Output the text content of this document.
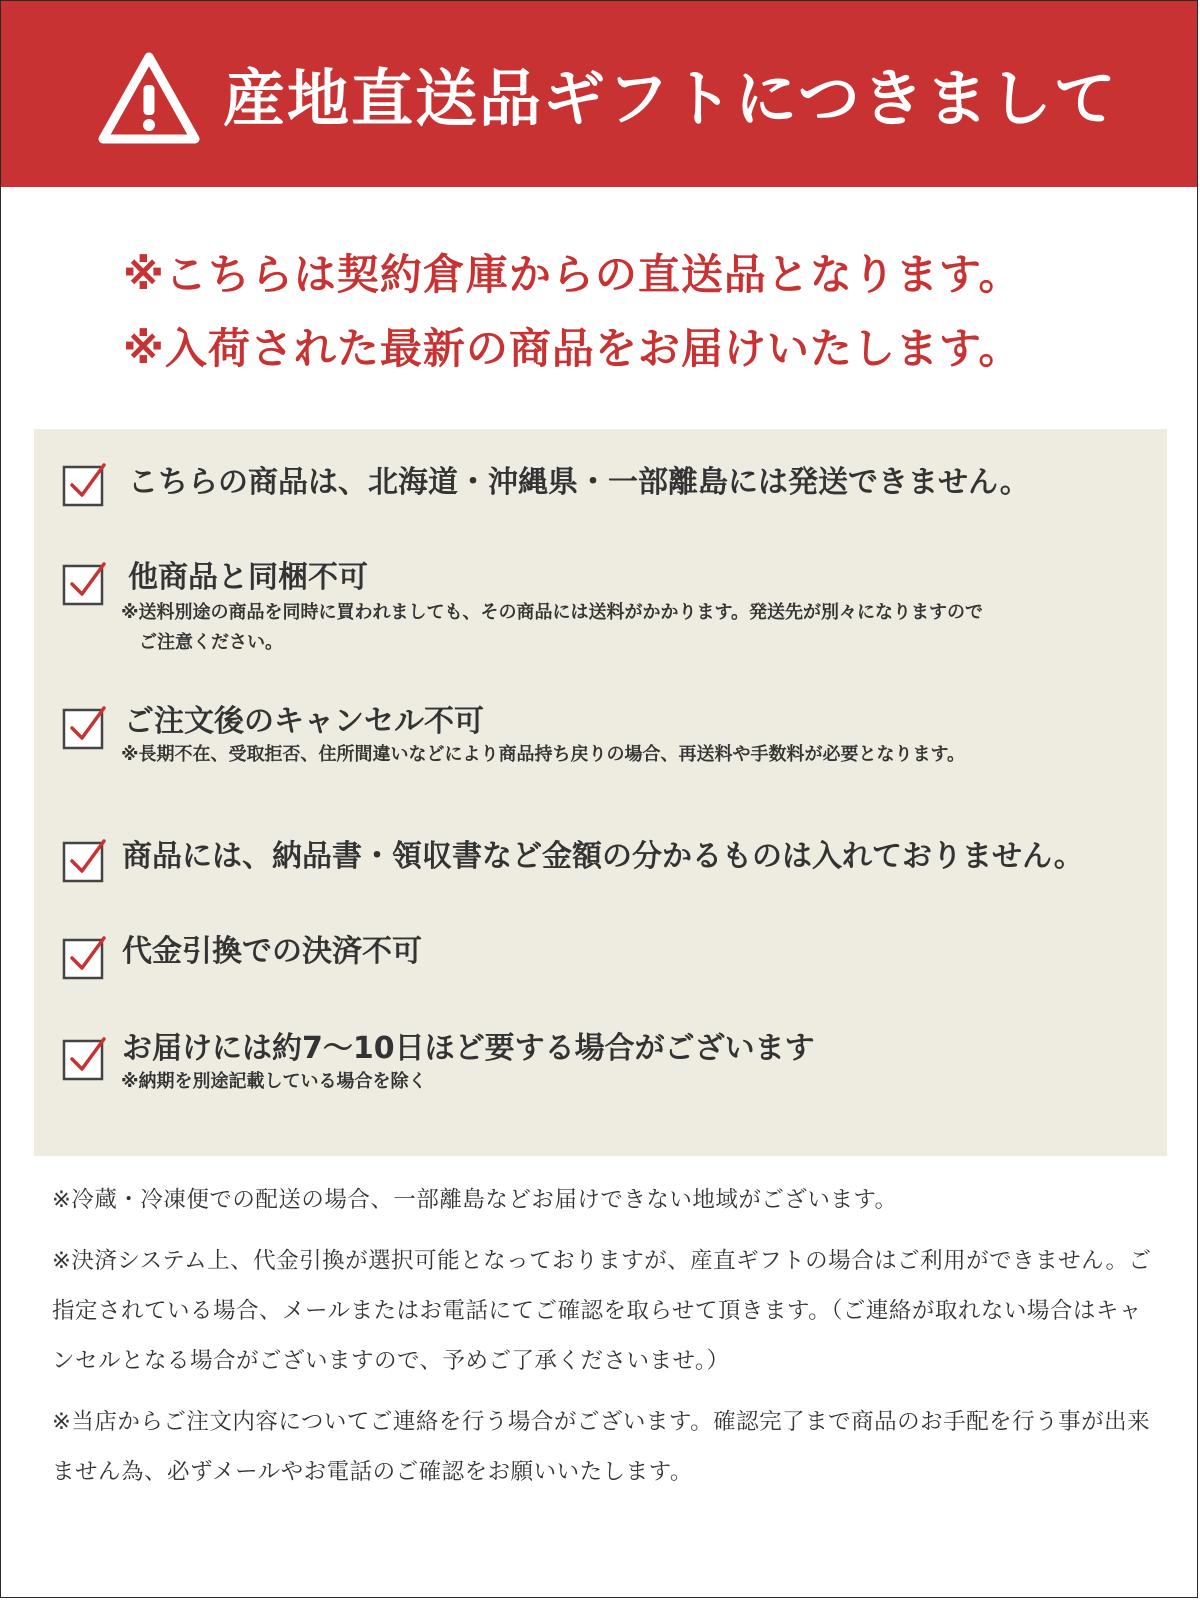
産地直送品ギフトにつきまして
※こちらは契約倉庫からの直送品となります。
※入荷された最新の商品をお届けいたします。
こちらの商品は、北海道・沖縄県・一部離島には発送できません。
他商品と同梱不可
※送料別途の商品を同時に買われましても、その商品には送料がかかります。発送先が別々になりますので
　ご注意ください。
ご注文後のキャンセル不可
※長期不在、受取拒否、住所間違いなどにより商品持ち戻りの場合、再送料や手数料が必要となります。
商品には、納品書・領収書など金額の分かるものは入れておりません。
代金引換での決済不可
お届けには約7〜10日ほど要する場合がございます
※納期を別途記載している場合を除く
※冷蔵・冷凍便での配送の場合、一部離島などお届けできない地域がございます。
※決済システム上、代金引換が選択可能となっておりますが、産直ギフトの場合はご利用ができません。ご指定されている場合、メールまたはお電話にてご確認を取らせて頂きます。（ご連絡が取れない場合はキャンセルとなる場合がございますので、予めご了承くださいませ。）
※当店からご注文内容についてご連絡を行う場合がございます。確認完了まで商品のお手配を行う事が出来ません為、必ずメールやお電話のご確認をお願いいたします。
